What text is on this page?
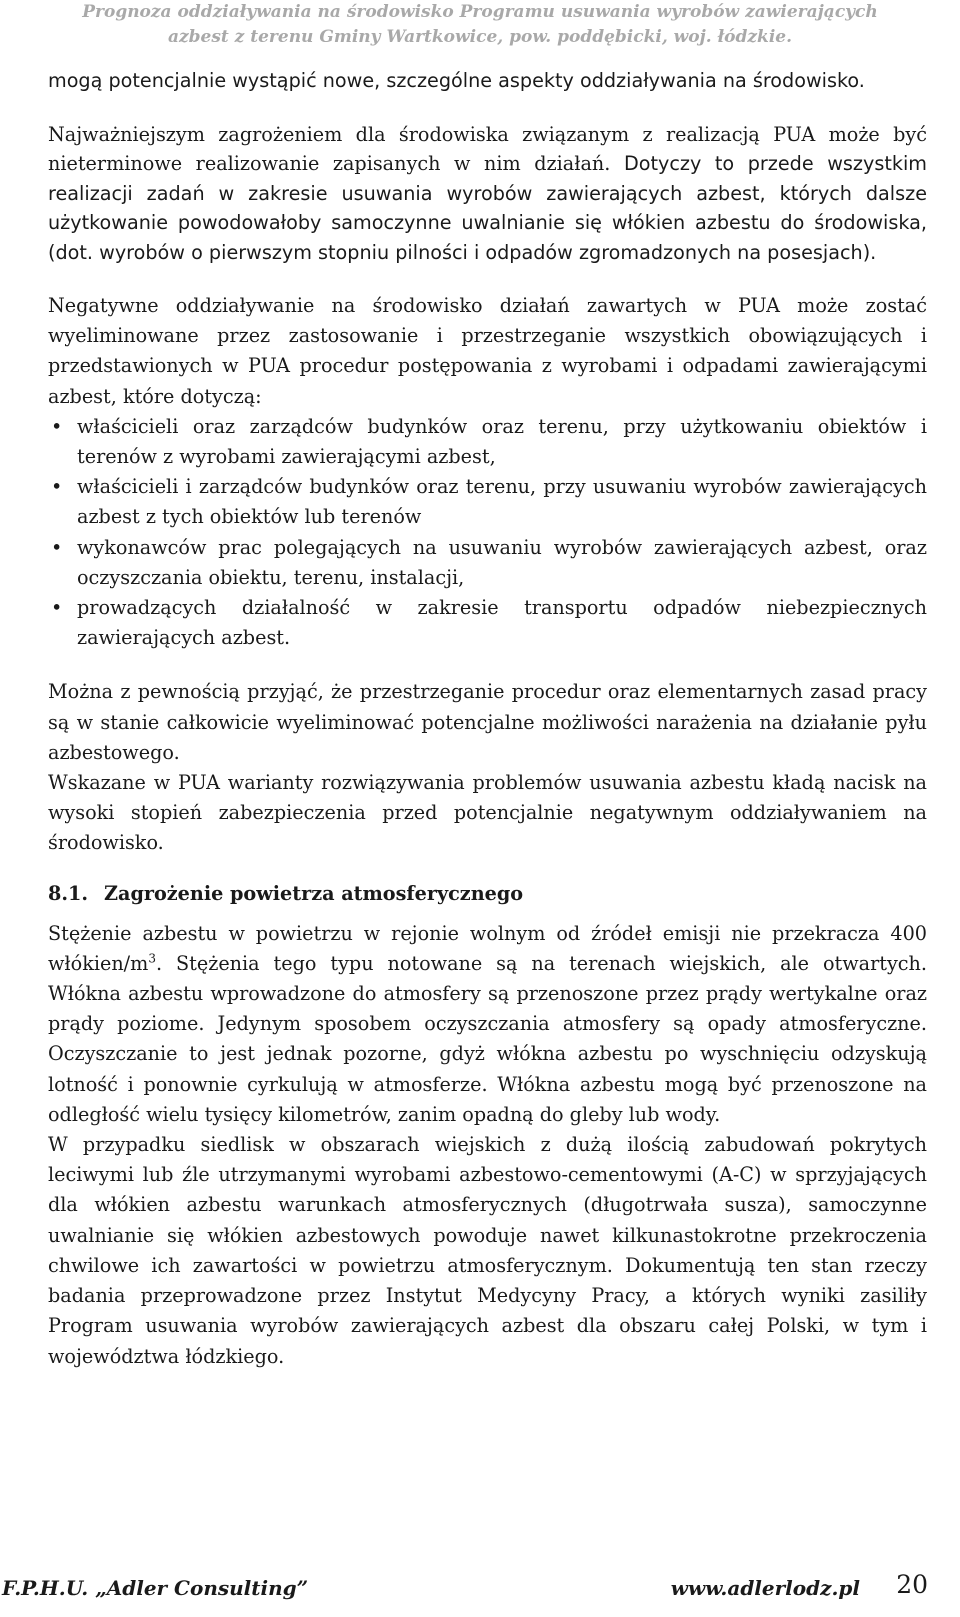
Prognoza oddziaływania na środowisko Programu usuwania wyrobów zawierających
azbest z terenu Gminy Wartkowice, pow. poddębicki, woj. łódzkie.

mogą potencjalnie wystąpić nowe, szczególne aspekty oddziaływania na środowisko.

Najważniejszym zagrożeniem dla środowiska związanym z realizacją PUA może być nieterminowe realizowanie zapisanych w nim działań. Dotyczy to przede wszystkim realizacji zadań w zakresie usuwania wyrobów zawierających azbest, których dalsze użytkowanie powodowałoby samoczynne uwalnianie się włókien azbestu do środowiska, (dot. wyrobów o pierwszym stopniu pilności i odpadów zgromadzonych na posesjach).

Negatywne oddziaływanie na środowisko działań zawartych w PUA może zostać wyeliminowane przez zastosowanie i przestrzeganie wszystkich obowiązujących i przedstawionych w PUA procedur postępowania z wyrobami i odpadami zawierającymi azbest, które dotyczą:

• właścicieli oraz zarządców budynków oraz terenu, przy użytkowaniu obiektów i terenów z wyrobami zawierającymi azbest,
• właścicieli i zarządców budynków oraz terenu, przy usuwaniu wyrobów zawierających azbest z tych obiektów lub terenów
• wykonawców prac polegających na usuwaniu wyrobów zawierających azbest, oraz oczyszczania obiektu, terenu, instalacji,
• prowadzących działalność w zakresie transportu odpadów niebezpiecznych zawierających azbest.

Można z pewnością przyjąć, że przestrzeganie procedur oraz elementarnych zasad pracy są w stanie całkowicie wyeliminować potencjalne możliwości narażenia na działanie pyłu azbestowego.

Wskazane w PUA warianty rozwiązywania problemów usuwania azbestu kładą nacisk na wysoki stopień zabezpieczenia przed potencjalnie negatywnym oddziaływaniem na środowisko.

8.1. Zagrożenie powietrza atmosferycznego

Stężenie azbestu w powietrzu w rejonie wolnym od źródeł emisji nie przekracza 400 włókien/$m^3$. Stężenia tego typu notowane są na terenach wiejskich, ale otwartych. Włókna azbestu wprowadzone do atmosfery są przenoszone przez prądy wertykalne oraz prądy poziome. Jedynym sposobem oczyszczania atmosfery są opady atmosferyczne. Oczyszczanie to jest jednak pozorne, gdyż włókna azbestu po wyschnięciu odzyskują lotność i ponownie cyrkulują w atmosferze. Włókna azbestu mogą być przenoszone na odległość wielu tysięcy kilometrów, zanim opadną do gleby lub wody.

W przypadku siedlisk w obszarach wiejskich z dużą ilością zabudowań pokrytych leciwymi lub źle utrzymanymi wyrobami azbestowo-cementowymi (A-C) w sprzyjających dla włókien azbestu warunkach atmosferycznych (długotrwała susza), samoczynne uwalnianie się włókien azbestowych powoduje nawet kilkunastokrotne przekroczenia chwilowe ich zawartości w powietrzu atmosferycznym. Dokumentują ten stan rzeczy badania przeprowadzone przez Instytut Medycyny Pracy, a których wyniki zasiliły Program usuwania wyrobów zawierających azbest dla obszaru całej Polski, w tym i województwa łódzkiego.

F.P.H.U. „Adler Consulting”	www.adlerlodz.pl 20
